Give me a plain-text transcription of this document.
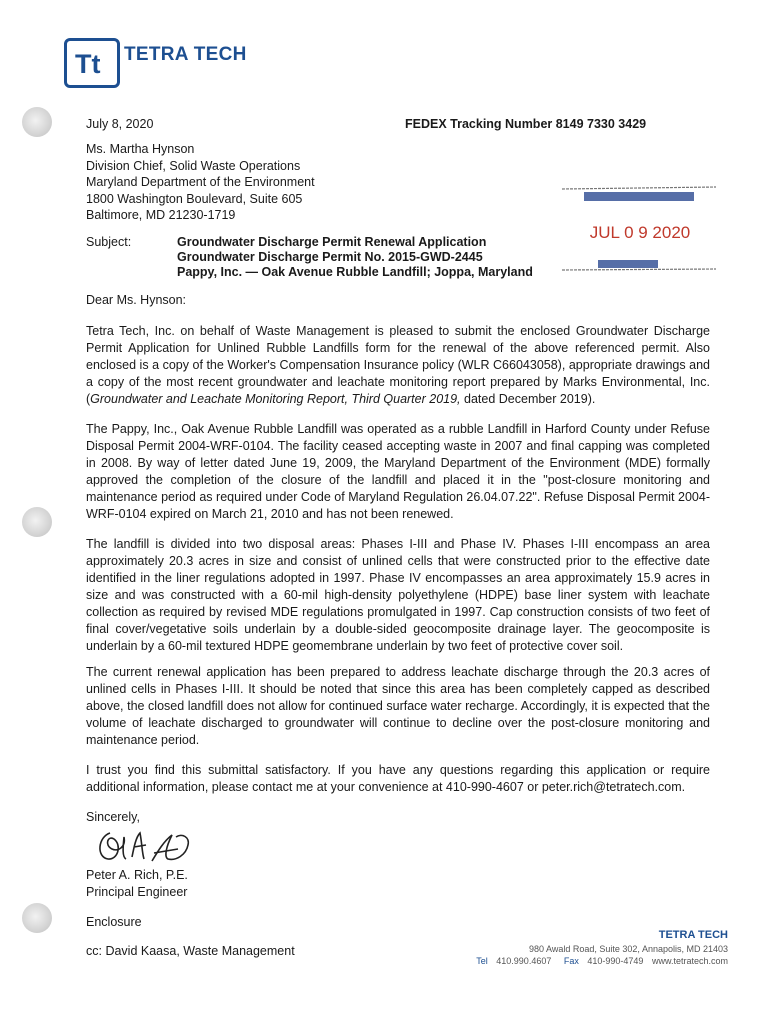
Tt TETRA TECH
July 8, 2020	FEDEX Tracking Number 8149 7330 3429
Ms. Martha Hynson
Division Chief, Solid Waste Operations
Maryland Department of the Environment
1800 Washington Boulevard, Suite 605
Baltimore, MD 21230-1719
JUL 0 9 2020
Subject:	Groundwater Discharge Permit Renewal Application
Groundwater Discharge Permit No. 2015-GWD-2445
Pappy, Inc. — Oak Avenue Rubble Landfill; Joppa, Maryland
Dear Ms. Hynson:

Tetra Tech, Inc. on behalf of Waste Management is pleased to submit the enclosed Groundwater Discharge Permit Application for Unlined Rubble Landfills form for the renewal of the above referenced permit. Also enclosed is a copy of the Worker's Compensation Insurance policy (WLR C66043058), appropriate drawings and a copy of the most recent groundwater and leachate monitoring report prepared by Marks Environmental, Inc. (Groundwater and Leachate Monitoring Report, Third Quarter 2019, dated December 2019).

The Pappy, Inc., Oak Avenue Rubble Landfill was operated as a rubble Landfill in Harford County under Refuse Disposal Permit 2004-WRF-0104. The facility ceased accepting waste in 2007 and final capping was completed in 2008. By way of letter dated June 19, 2009, the Maryland Department of the Environment (MDE) formally approved the completion of the closure of the landfill and placed it in the "post-closure monitoring and maintenance period as required under Code of Maryland Regulation 26.04.07.22". Refuse Disposal Permit 2004-WRF-0104 expired on March 21, 2010 and has not been renewed.

The landfill is divided into two disposal areas: Phases I-III and Phase IV. Phases I-III encompass an area approximately 20.3 acres in size and consist of unlined cells that were constructed prior to the effective date identified in the liner regulations adopted in 1997. Phase IV encompasses an area approximately 15.9 acres in size and was constructed with a 60-mil high-density polyethylene (HDPE) base liner system with leachate collection as required by revised MDE regulations promulgated in 1997. Cap construction consists of two feet of final cover/vegetative soils underlain by a double-sided geocomposite drainage layer. The geocomposite is underlain by a 60-mil textured HDPE geomembrane underlain by two feet of protective cover soil.

The current renewal application has been prepared to address leachate discharge through the 20.3 acres of unlined cells in Phases I-III. It should be noted that since this area has been completely capped as described above, the closed landfill does not allow for continued surface water recharge. Accordingly, it is expected that the volume of leachate discharged to groundwater will continue to decline over the post-closure monitoring and maintenance period.

I trust you find this submittal satisfactory. If you have any questions regarding this application or require additional information, please contact me at your convenience at 410-990-4607 or peter.rich@tetratech.com.

Sincerely,
Peter A. Rich, P.E.
Principal Engineer
Enclosure
cc: David Kaasa, Waste Management
TETRA TECH
980 Awald Road, Suite 302, Annapolis, MD 21403
Tel 410.990.4607 Fax 410-990-4749 www.tetratech.com
